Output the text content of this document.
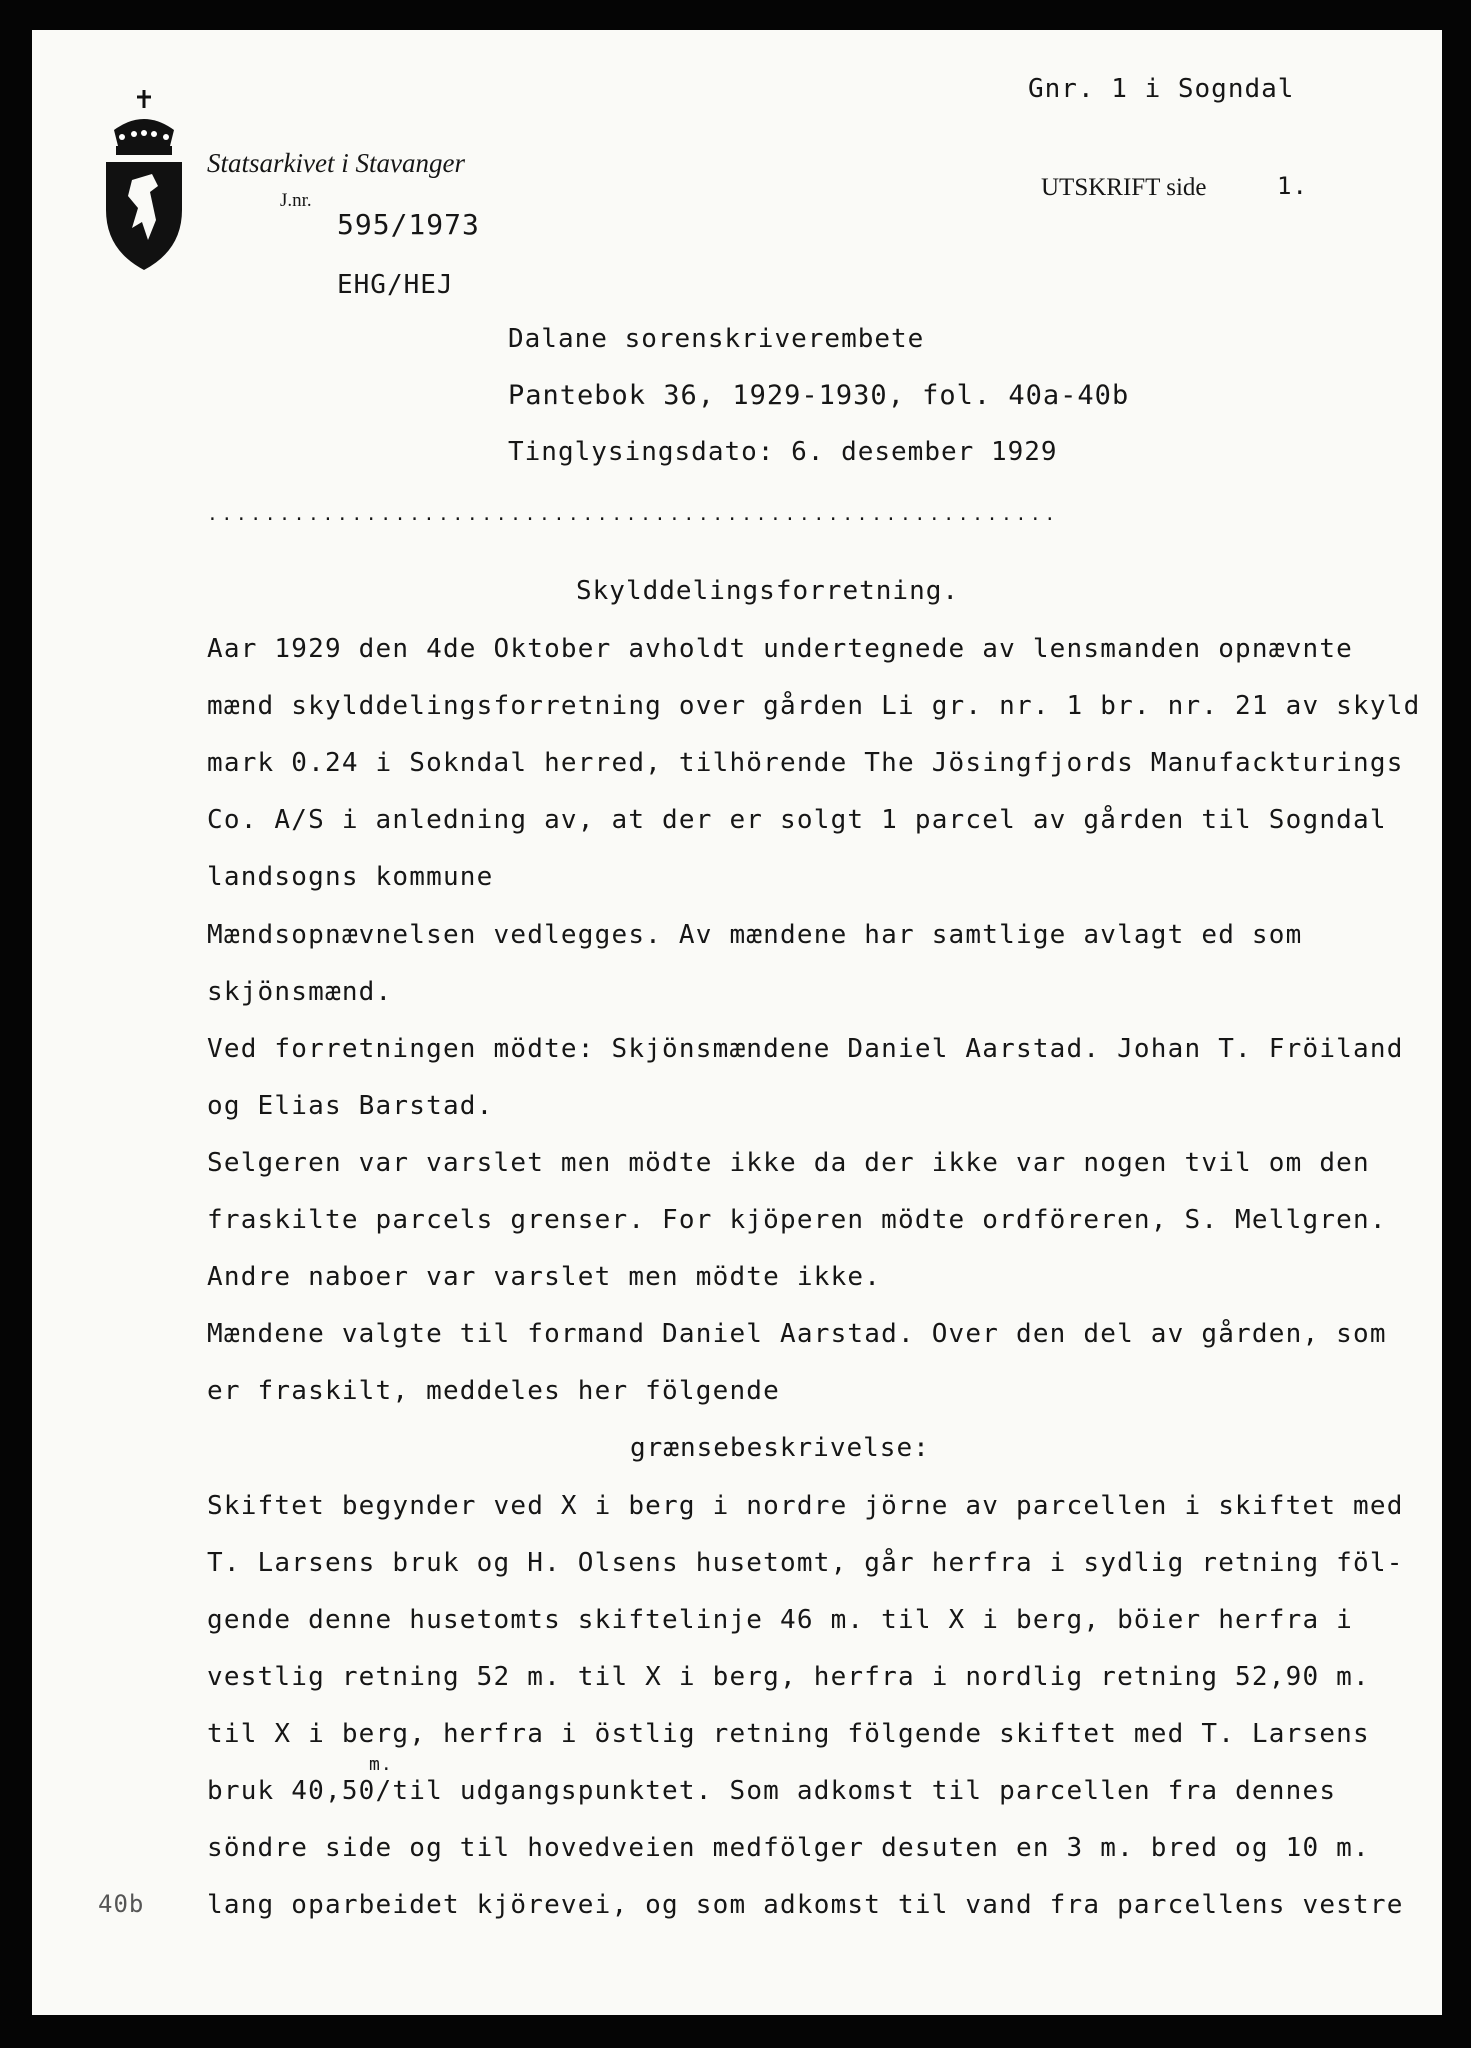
Statsarkivet i Stavanger
J.nr.
595/1973
EHG/HEJ
Gnr. 1 i Sogndal
UTSKRIFT side	1.
Dalane sorenskriverembete
Pantebok 36, 1929-1930, fol. 40a-40b
Tinglysingsdato: 6. desember 1929
...........................................................
Skylddelingsforretning.
Aar 1929 den 4de Oktober avholdt undertegnede av lensmanden opnævnte
mænd skylddelingsforretning over gården Li gr. nr. 1 br. nr. 21 av skyld
mark 0.24 i Sokndal herred, tilhörende The Jösingfjords Manufackturings
Co. A/S i anledning av, at der er solgt 1 parcel av gården til Sogndal
landsogns kommune
Mændsopnævnelsen vedlegges. Av mændene har samtlige avlagt ed som
skjönsmænd.
Ved forretningen mödte: Skjönsmændene Daniel Aarstad. Johan T. Fröiland
og Elias Barstad.
Selgeren var varslet men mödte ikke da der ikke var nogen tvil om den
fraskilte parcels grenser. For kjöperen mödte ordföreren, S. Mellgren.
Andre naboer var varslet men mödte ikke.
Mændene valgte til formand Daniel Aarstad. Over den del av gården, som
er fraskilt, meddeles her fölgende
grænsebeskrivelse:
Skiftet begynder ved X i berg i nordre jörne av parcellen i skiftet med
T. Larsens bruk og H. Olsens husetomt, går herfra i sydlig retning föl-
gende denne husetomts skiftelinje 46 m. til X i berg, böier herfra i
vestlig retning 52 m. til X i berg, herfra i nordlig retning 52,90 m.
til X i berg, herfra i östlig retning fölgende skiftet med T. Larsens
bruk 40,50/til udgangspunktet. Som adkomst til parcellen fra dennes
m.
söndre side og til hovedveien medfölger desuten en 3 m. bred og 10 m.
lang oparbeidet kjörevei, og som adkomst til vand fra parcellens vestre
40b
